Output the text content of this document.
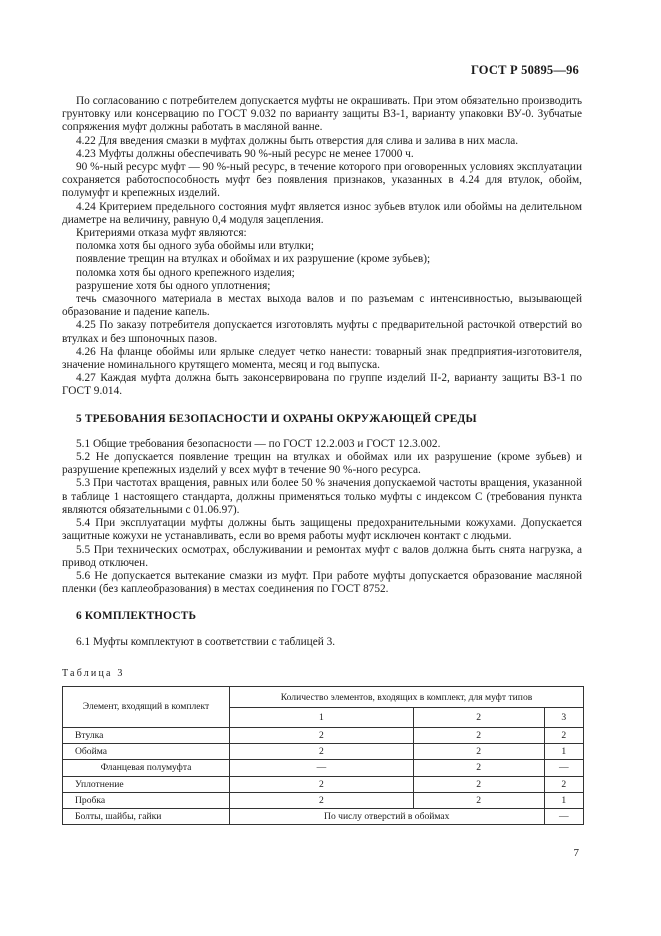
ГОСТ Р 50895—96

По согласованию с потребителем допускается муфты не окрашивать. При этом обязательно производить грунтовку или консервацию по ГОСТ 9.032 по варианту защиты ВЗ-1, варианту упаковки ВУ-0. Зубчатые сопряжения муфт должны работать в масляной ванне.

4.22 Для введения смазки в муфтах должны быть отверстия для слива и залива в них масла.

4.23 Муфты должны обеспечивать 90 %-ный ресурс не менее 17000 ч.

90 %-ный ресурс муфт — 90 %-ный ресурс, в течение которого при оговоренных условиях эксплуатации сохраняется работоспособность муфт без появления признаков, указанных в 4.24 для втулок, обойм, полумуфт и крепежных изделий.

4.24 Критерием предельного состояния муфт является износ зубьев втулок или обоймы на делительном диаметре на величину, равную 0,4 модуля зацепления.

Критериями отказа муфт являются:

поломка хотя бы одного зуба обоймы или втулки;

появление трещин на втулках и обоймах и их разрушение (кроме зубьев);

поломка хотя бы одного крепежного изделия;

разрушение хотя бы одного уплотнения;

течь смазочного материала в местах выхода валов и по разъемам с интенсивностью, вызывающей образование и падение капель.

4.25 По заказу потребителя допускается изготовлять муфты с предварительной расточкой отверстий во втулках и без шпоночных пазов.

4.26 На фланце обоймы или ярлыке следует четко нанести: товарный знак предприятия-изготовителя, значение номинального крутящего момента, месяц и год выпуска.

4.27 Каждая муфта должна быть законсервирована по группе изделий II-2, варианту защиты ВЗ-1 по ГОСТ 9.014.

5 ТРЕБОВАНИЯ БЕЗОПАСНОСТИ И ОХРАНЫ ОКРУЖАЮЩЕЙ СРЕДЫ

5.1 Общие требования безопасности — по ГОСТ 12.2.003 и ГОСТ 12.3.002.

5.2 Не допускается появление трещин на втулках и обоймах или их разрушение (кроме зубьев) и разрушение крепежных изделий у всех муфт в течение 90 %-ного ресурса.

5.3 При частотах вращения, равных или более 50 % значения допускаемой частоты вращения, указанной в таблице 1 настоящего стандарта, должны применяться только муфты с индексом С (требования пункта являются обязательными с 01.06.97).

5.4 При эксплуатации муфты должны быть защищены предохранительными кожухами. Допускается защитные кожухи не устанавливать, если во время работы муфт исключен контакт с людьми.

5.5 При технических осмотрах, обслуживании и ремонтах муфт с валов должна быть снята нагрузка, а привод отключен.

5.6 Не допускается вытекание смазки из муфт. При работе муфты допускается образование масляной пленки (без каплеобразования) в местах соединения по ГОСТ 8752.

6 КОМПЛЕКТНОСТЬ

6.1 Муфты комплектуют в соответствии с таблицей 3.

Таблица 3
Элемент, входящий в комплект	Количество элементов, входящих в комплект, для муфт типов		
	1	2	3
Втулка	2	2	2
Обойма	2	2	1
Фланцевая полумуфта	—	2	—
Уплотнение	2	2	2
Пробка	2	2	1
Болты, шайбы, гайки	По числу отверстий в обоймах		—
7
